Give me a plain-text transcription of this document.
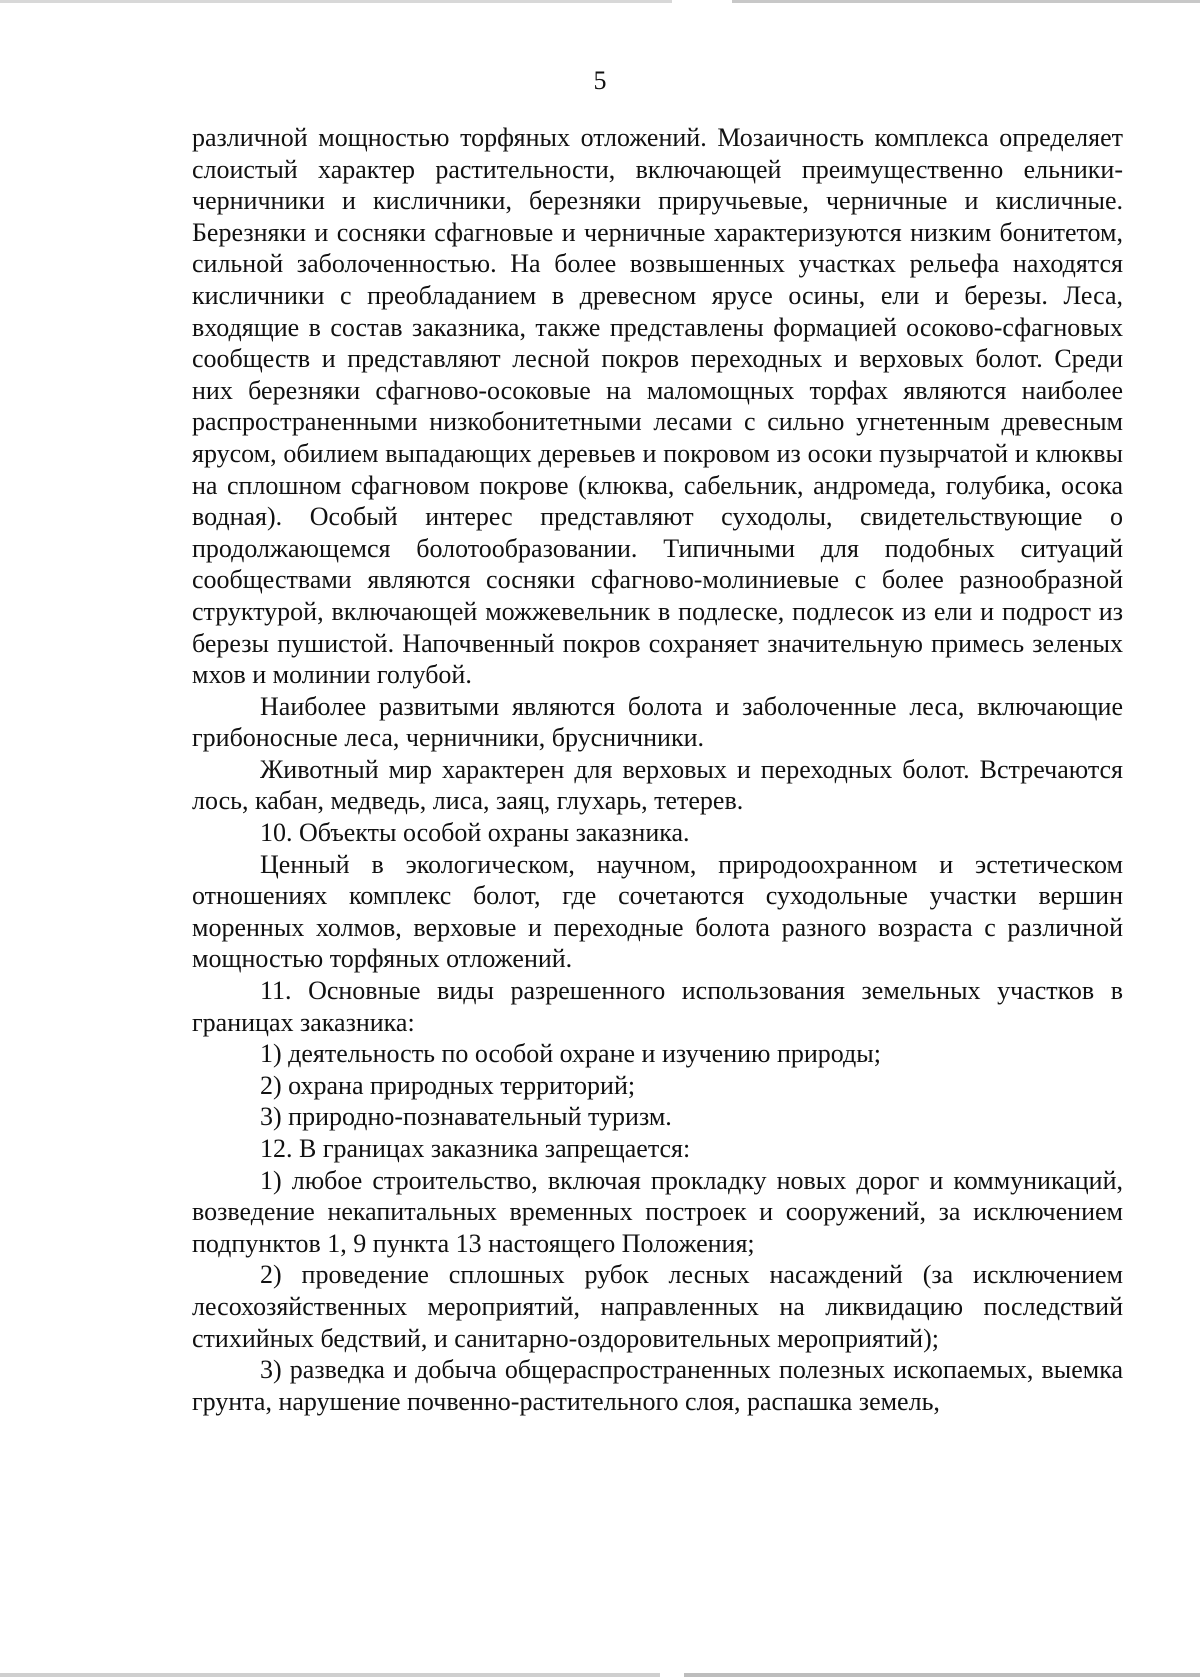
5

различной мощностью торфяных отложений. Мозаичность комплекса определяет слоистый характер растительности, включающей преимущественно ельники-черничники и кисличники, березняки приручьевые, черничные и кисличные. Березняки и сосняки сфагновые и черничные характеризуются низким бонитетом, сильной заболоченностью. На более возвышенных участках рельефа находятся кисличники с преобладанием в древесном ярусе осины, ели и березы. Леса, входящие в состав заказника, также представлены формацией осоково-сфагновых сообществ и представляют лесной покров переходных и верховых болот. Среди них березняки сфагново-осоковые на маломощных торфах являются наиболее распространенными низкобонитетными лесами с сильно угнетенным древесным ярусом, обилием выпадающих деревьев и покровом из осоки пузырчатой и клюквы на сплошном сфагновом покрове (клюква, сабельник, андромеда, голубика, осока водная). Особый интерес представляют суходолы, свидетельствующие о продолжающемся болотообразовании. Типичными для подобных ситуаций сообществами являются сосняки сфагново-молиниевые с более разнообразной структурой, включающей можжевельник в подлеске, подлесок из ели и подрост из березы пушистой. Напочвенный покров сохраняет значительную примесь зеленых мхов и молинии голубой.

Наиболее развитыми являются болота и заболоченные леса, включающие грибоносные леса, черничники, брусничники.

Животный мир характерен для верховых и переходных болот. Встречаются лось, кабан, медведь, лиса, заяц, глухарь, тетерев.

10. Объекты особой охраны заказника.

Ценный в экологическом, научном, природоохранном и эстетическом отношениях комплекс болот, где сочетаются суходольные участки вершин моренных холмов, верховые и переходные болота разного возраста с различной мощностью торфяных отложений.

11. Основные виды разрешенного использования земельных участков в границах заказника:

1) деятельность по особой охране и изучению природы;

2) охрана природных территорий;

3) природно-познавательный туризм.

12. В границах заказника запрещается:

1) любое строительство, включая прокладку новых дорог и коммуникаций, возведение некапитальных временных построек и сооружений, за исключением подпунктов 1, 9 пункта 13 настоящего Положения;

2) проведение сплошных рубок лесных насаждений (за исключением лесохозяйственных мероприятий, направленных на ликвидацию последствий стихийных бедствий, и санитарно-оздоровительных мероприятий);

3) разведка и добыча общераспространенных полезных ископаемых, выемка грунта, нарушение почвенно-растительного слоя, распашка земель,
